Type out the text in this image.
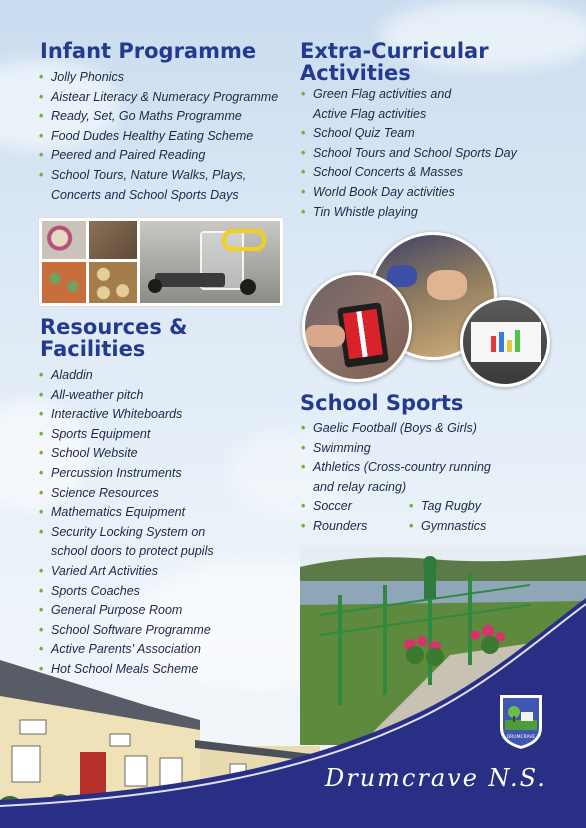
Infant Programme
• Jolly Phonics
• Aistear Literacy & Numeracy Programme
• Ready, Set, Go Maths Programme
• Food Dudes Healthy Eating Scheme
• Peered and Paired Reading
• School Tours, Nature Walks, Plays,
Concerts and School Sports Days
Extra-Curricular
Activities
• Green Flag activities and
Active Flag activities
• School Quiz Team
• School Tours and School Sports Day
• School Concerts & Masses
• World Book Day activities
• Tin Whistle playing
Resources &
Facilities
• Aladdin
• All-weather pitch
• Interactive Whiteboards
• Sports Equipment
• School Website
• Percussion Instruments
• Science Resources
• Mathematics Equipment
• Security Locking System on
school doors to protect pupils
• Varied Art Activities
• Sports Coaches
• General Purpose Room
• School Software Programme
• Active Parents' Association
• Hot School Meals Scheme
School Sports
• Gaelic Football (Boys & Girls)
• Swimming
• Athletics (Cross-country running
and relay racing)
• Soccer
• Rounders
• Tag Rugby
• Gymnastics
DRUMCRAVE
Drumcrave N.S.
